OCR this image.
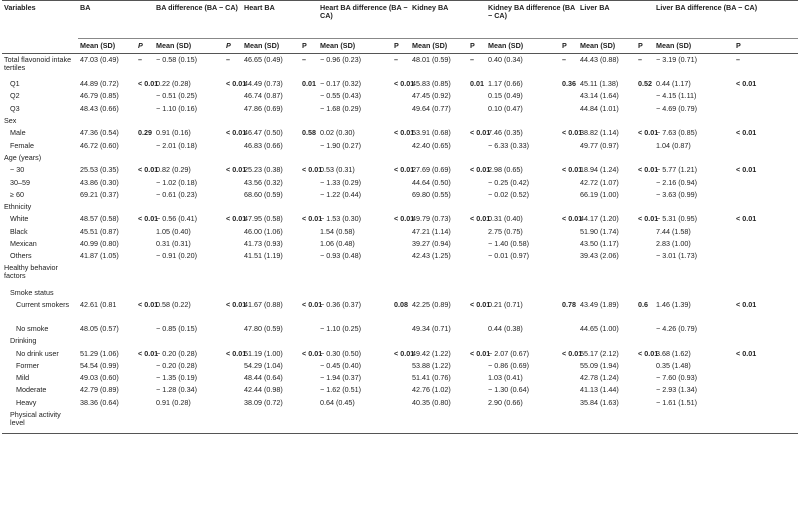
Variables	BA		BA difference (BA − CA)		Heart BA		Heart BA difference (BA − CA)		Kidney BA		Kidney BA difference (BA − CA)		Liver BA		Liver BA difference (BA − CA)		
	Mean (SD)	P	Mean (SD)	P	Mean (SD)	P	Mean (SD)	P	Mean (SD)	P	Mean (SD)	P	Mean (SD)	P	Mean (SD)	P	
Total flavonoid intake tertiles	47.03 (0.49)	–	− 0.58 (0.15)	–	46.65 (0.49)	–	− 0.96 (0.23)	–	48.01 (0.59)	–	0.40 (0.34)	–	44.43 (0.88)	–	− 3.19 (0.71)	–	
Q1	44.89 (0.72)	< 0.01	0.22 (0.28)	< 0.01	44.49 (0.73)	0.01	− 0.17 (0.32)	< 0.01	45.83 (0.85)	0.01	1.17 (0.66)	0.36	45.11 (1.38)	0.52	0.44 (1.17)	< 0.01	
Q2	46.79 (0.85)		− 0.51 (0.25)		46.74 (0.87)		− 0.55 (0.43)		47.45 (0.92)		0.15 (0.49)		43.14 (1.64)		− 4.15 (1.11)		
Q3	48.43 (0.66)		− 1.10 (0.16)		47.86 (0.69)		− 1.68 (0.29)		49.64 (0.77)		0.10 (0.47)		44.84 (1.01)		− 4.69 (0.79)		
Sex																	
Male	47.36 (0.54)	0.29	0.91 (0.16)	< 0.01	46.47 (0.50)	0.58	0.02 (0.30)	< 0.01	53.91 (0.68)	< 0.01	7.46 (0.35)	< 0.01	38.82 (1.14)	< 0.01	− 7.63 (0.85)	< 0.01	
Female	46.72 (0.60)		− 2.01 (0.18)		46.83 (0.66)		− 1.90 (0.27)		42.40 (0.65)		− 6.33 (0.33)		49.77 (0.97)		1.04 (0.87)		
Age (years)																	
~ 30	25.53 (0.35)	< 0.01	0.82 (0.29)	< 0.01	25.23 (0.38)	< 0.01	0.53 (0.31)	< 0.01	27.69 (0.69)	< 0.01	2.98 (0.65)	< 0.01	18.94 (1.24)	< 0.01	− 5.77 (1.21)	< 0.01	
30–59	43.86 (0.30)		− 1.02 (0.18)		43.56 (0.32)		− 1.33 (0.29)		44.64 (0.50)		− 0.25 (0.42)		42.72 (1.07)		− 2.16 (0.94)		
≥ 60	69.21 (0.37)		− 0.61 (0.23)		68.60 (0.59)		− 1.22 (0.44)		69.80 (0.55)		− 0.02 (0.52)		66.19 (1.00)		− 3.63 (0.99)		
Ethnicity																	
White	48.57 (0.58)	< 0.01	− 0.56 (0.41)	< 0.01	47.95 (0.58)	< 0.01	− 1.53 (0.30)	< 0.01	49.79 (0.73)	< 0.01	0.31 (0.40)	< 0.01	44.17 (1.20)	< 0.01	− 5.31 (0.95)	< 0.01	
Black	45.51 (0.87)		1.05 (0.40)		46.00 (1.06)		1.54 (0.58)		47.21 (1.14)		2.75 (0.75)		51.90 (1.74)		7.44 (1.58)		
Mexican	40.99 (0.80)		0.31 (0.31)		41.73 (0.93)		1.06 (0.48)		39.27 (0.94)		− 1.40 (0.58)		43.50 (1.17)		2.83 (1.00)		
Others	41.87 (1.05)		− 0.91 (0.20)		41.51 (1.19)		− 0.93 (0.48)		42.43 (1.25)		− 0.01 (0.97)		39.43 (2.06)		− 3.01 (1.73)		
Healthy behavior factors																	
Smoke status																	
Current smokers	42.61 (0.81	< 0.01	0.58 (0.22)	< 0.01	41.67 (0.88)	< 0.01	− 0.36 (0.37)	0.08	42.25 (0.89)	< 0.01	0.21 (0.71)	0.78	43.49 (1.89)	0.6	1.46 (1.39)	< 0.01	
No smoke	48.05 (0.57)		− 0.85 (0.15)		47.80 (0.59)		− 1.10 (0.25)		49.34 (0.71)		0.44 (0.38)		44.65 (1.00)		− 4.26 (0.79)		
Drinking																	
No drink user	51.29 (1.06)	< 0.01	− 0.20 (0.28)	< 0.01	51.19 (1.00)	< 0.01	− 0.30 (0.50)	< 0.01	49.42 (1.22)	< 0.01	− 2.07 (0.67)	< 0.01	55.17 (2.12)	< 0.01	3.68 (1.62)	< 0.01	
Former	54.54 (0.99)		− 0.20 (0.28)		54.29 (1.04)		− 0.45 (0.40)		53.88 (1.22)		− 0.86 (0.69)		55.09 (1.94)		0.35 (1.48)		
Mild	49.03 (0.60)		− 1.35 (0.19)		48.44 (0.64)		− 1.94 (0.37)		51.41 (0.76)		1.03 (0.41)		42.78 (1.24)		− 7.60 (0.93)		
Moderate	42.79 (0.89)		− 1.28 (0.34)		42.44 (0.98)		− 1.62 (0.51)		42.76 (1.02)		− 1.30 (0.64)		41.13 (1.44)		− 2.93 (1.34)		
Heavy	38.36 (0.64)		0.91 (0.28)		38.09 (0.72)		0.64 (0.45)		40.35 (0.80)		2.90 (0.66)		35.84 (1.63)		− 1.61 (1.51)		
Physical activity level																	
